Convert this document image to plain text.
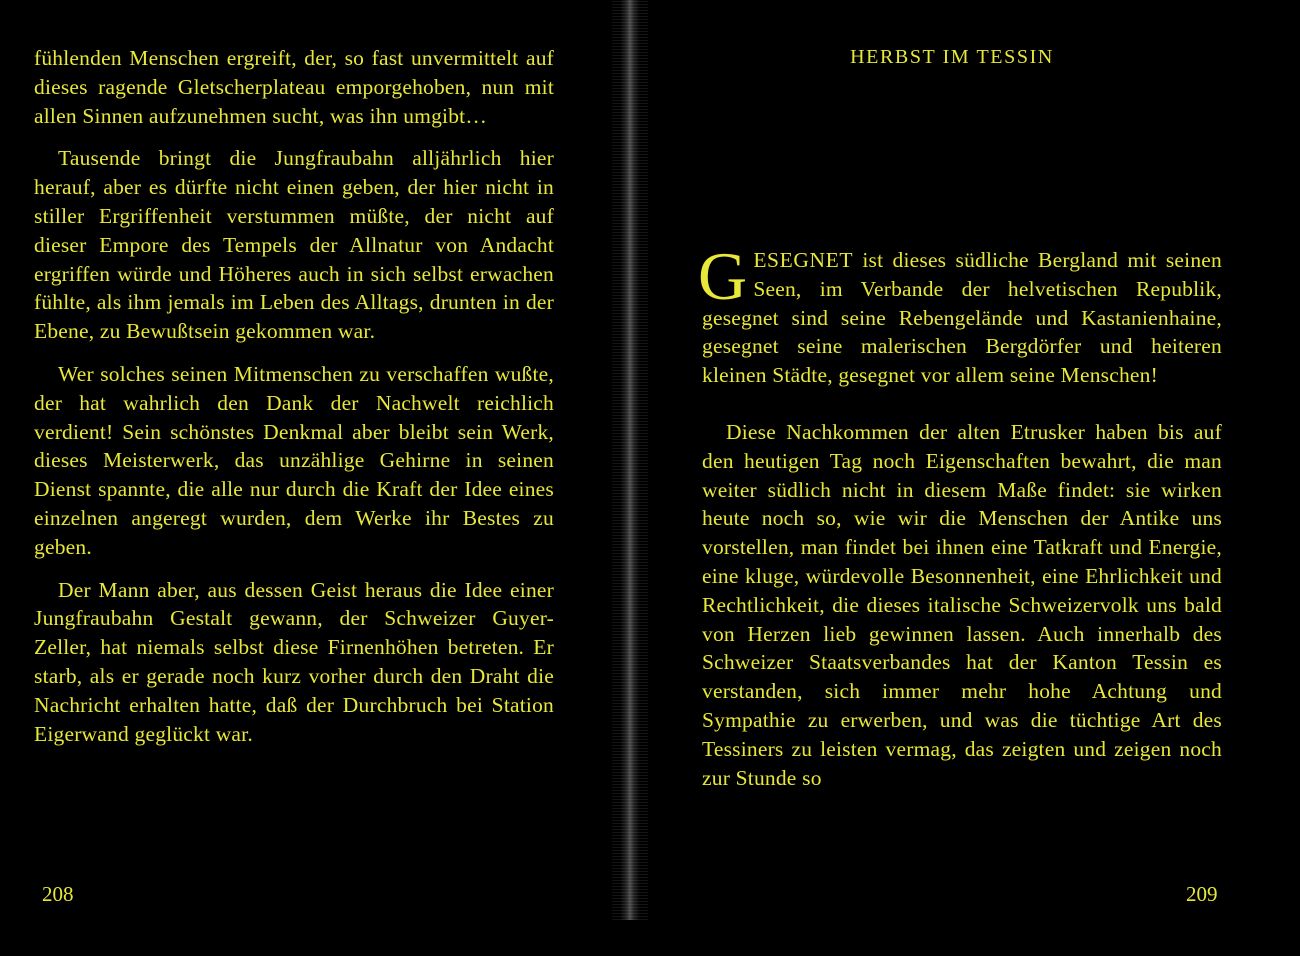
fühlenden Menschen ergreift, der, so fast unvermittelt auf dieses ragende Gletscherplateau emporgehoben, nun mit allen Sinnen aufzunehmen sucht, was ihn umgibt…

Tausende bringt die Jungfraubahn alljährlich hier herauf, aber es dürfte nicht einen geben, der hier nicht in stiller Ergriffenheit verstummen müßte, der nicht auf dieser Empore des Tempels der Allnatur von Andacht ergriffen würde und Höheres auch in sich selbst erwachen fühlte, als ihm jemals im Leben des Alltags, drunten in der Ebene, zu Bewußtsein gekommen war.

Wer solches seinen Mitmenschen zu verschaffen wußte, der hat wahrlich den Dank der Nachwelt reichlich verdient! Sein schönstes Denkmal aber bleibt sein Werk, dieses Meisterwerk, das unzählige Gehirne in seinen Dienst spannte, die alle nur durch die Kraft der Idee eines einzelnen angeregt wurden, dem Werke ihr Bestes zu geben.

Der Mann aber, aus dessen Geist heraus die Idee einer Jungfraubahn Gestalt gewann, der Schweizer Guyer-Zeller, hat niemals selbst diese Firnenhöhen betreten. Er starb, als er gerade noch kurz vorher durch den Draht die Nachricht erhalten hatte, daß der Durchbruch bei Station Eigerwand geglückt war.

208
HERBST IM TESSIN

GESEGNET ist dieses südliche Bergland mit seinen Seen, im Verbande der helvetischen Republik, gesegnet sind seine Rebengelände und Kastanienhaine, gesegnet seine malerischen Bergdörfer und heiteren kleinen Städte, gesegnet vor allem seine Menschen!

Diese Nachkommen der alten Etrusker haben bis auf den heutigen Tag noch Eigenschaften bewahrt, die man weiter südlich nicht in diesem Maße findet: sie wirken heute noch so, wie wir die Menschen der Antike uns vorstellen, man findet bei ihnen eine Tatkraft und Energie, eine kluge, würdevolle Besonnenheit, eine Ehrlichkeit und Rechtlichkeit, die dieses italische Schweizervolk uns bald von Herzen lieb gewinnen lassen. Auch innerhalb des Schweizer Staatsverbandes hat der Kanton Tessin es verstanden, sich immer mehr hohe Achtung und Sympathie zu erwerben, und was die tüchtige Art des Tessiners zu leisten vermag, das zeigten und zeigen noch zur Stunde so

209
